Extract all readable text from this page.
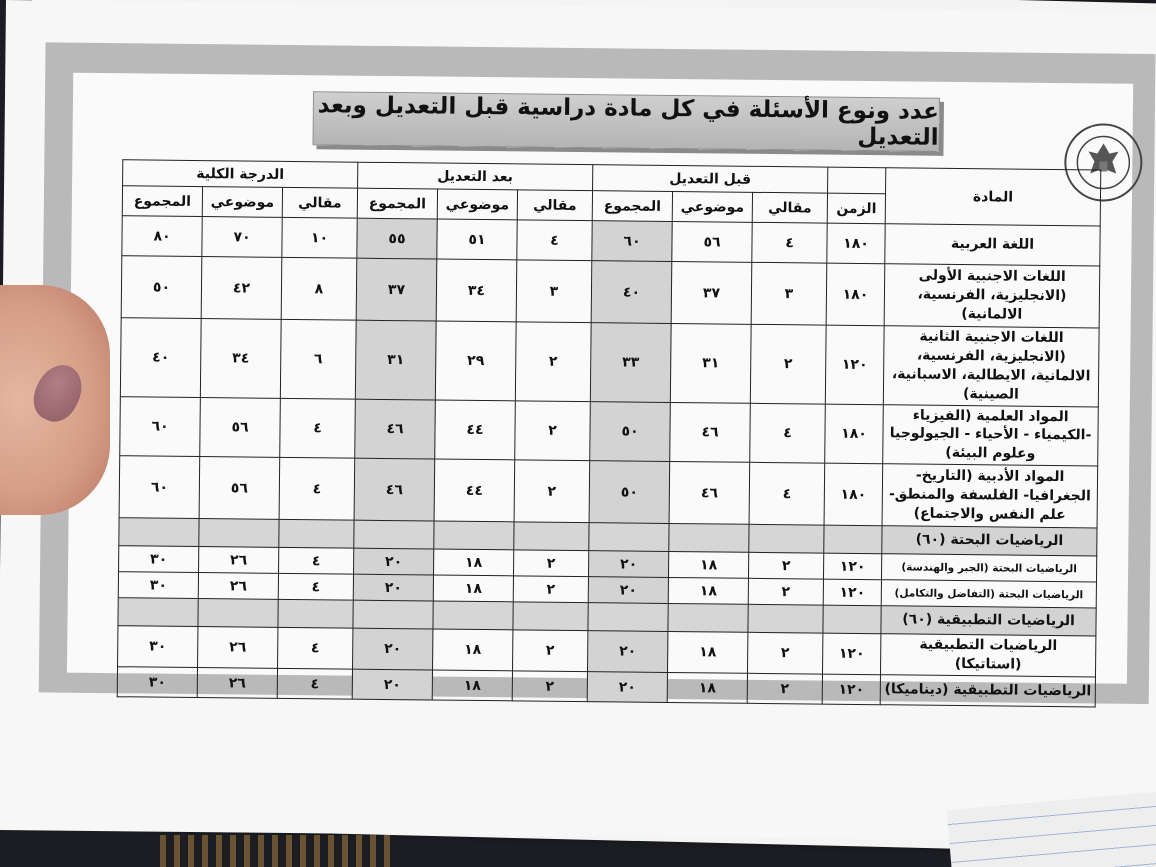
عدد ونوع الأسئلة في كل مادة دراسية قبل التعديل وبعد التعديل
المادة		قبل التعديل			بعد التعديل			الدرجة الكلية		
	الزمن	مقالي	موضوعي	المجموع	مقالي	موضوعي	المجموع	مقالي	موضوعي	المجموع
اللغة العربية	١٨٠	٤	٥٦	٦٠	٤	٥١	٥٥	١٠	٧٠	٨٠
اللغات الاجنبية الأولى (الانجليزية، الفرنسية، الالمانية)	١٨٠	٣	٣٧	٤٠	٣	٣٤	٣٧	٨	٤٢	٥٠
اللغات الاجنبية الثانية (الانجليزية، الفرنسية، الالمانية، الايطالية، الاسبانية، الصينية)	١٢٠	٢	٣١	٣٣	٢	٢٩	٣١	٦	٣٤	٤٠
المواد العلمية (الفيزياء -الكيمياء - الأحياء - الجيولوجيا وعلوم البيئة)	١٨٠	٤	٤٦	٥٠	٢	٤٤	٤٦	٤	٥٦	٦٠
المواد الأدبية (التاريخ- الجغرافيا- الفلسفة والمنطق- علم النفس والاجتماع)	١٨٠	٤	٤٦	٥٠	٢	٤٤	٤٦	٤	٥٦	٦٠
الرياضيات البحتة (٦٠)										
الرياضيات البحتة (الجبر والهندسة)	١٢٠	٢	١٨	٢٠	٢	١٨	٢٠	٤	٢٦	٣٠
الرياضيات البحتة (التفاضل والتكامل)	١٢٠	٢	١٨	٢٠	٢	١٨	٢٠	٤	٢٦	٣٠
الرياضيات التطبيقية (٦٠)										
الرياضيات التطبيقية (استاتيكا)	١٢٠	٢	١٨	٢٠	٢	١٨	٢٠	٤	٢٦	٣٠
الرياضيات التطبيقية (ديناميكا)	١٢٠	٢	١٨	٢٠	٢	١٨	٢٠	٤	٢٦	٣٠
